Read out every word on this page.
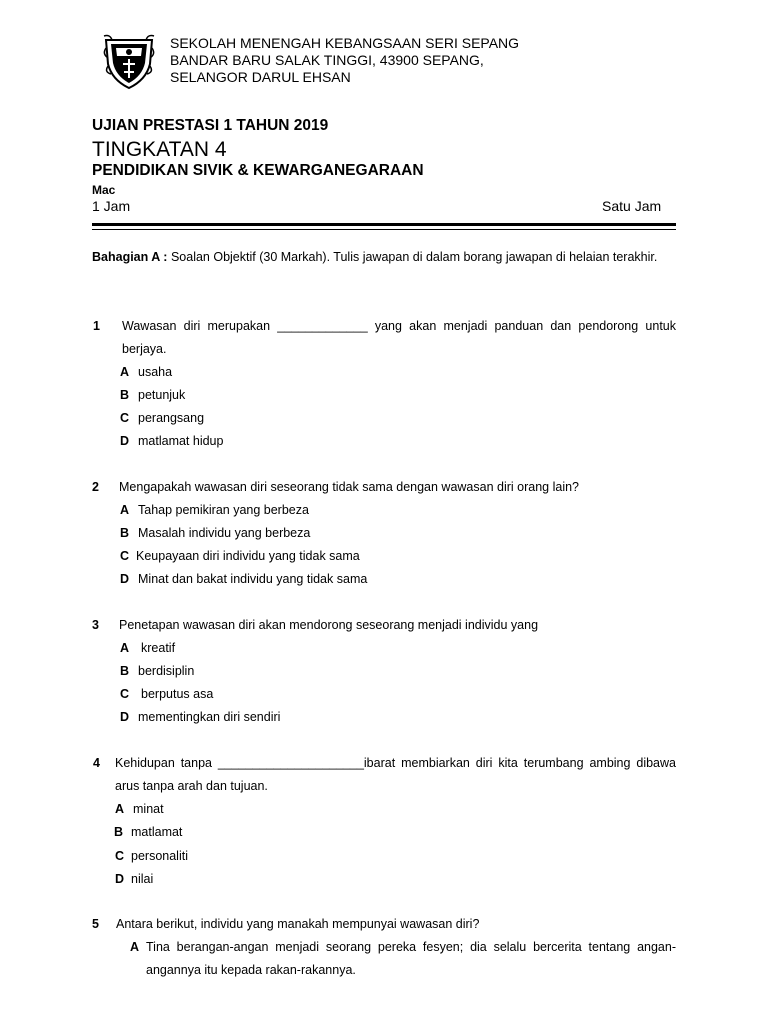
SEKOLAH MENENGAH KEBANGSAAN SERI SEPANG
BANDAR BARU SALAK TINGGI, 43900 SEPANG,
SELANGOR DARUL EHSAN
UJIAN PRESTASI 1 TAHUN 2019
TINGKATAN 4
PENDIDIKAN SIVIK & KEWARGANEGARAAN
Mac
1 Jam	Satu Jam
Bahagian A : Soalan Objektif (30 Markah). Tulis jawapan di dalam borang jawapan di helaian terakhir.
1 Wawasan diri merupakan _____________ yang akan menjadi panduan dan pendorong untuk berjaya.
A usaha
B petunjuk
C perangsang
D matlamat hidup
2 Mengapakah wawasan diri seseorang tidak sama dengan wawasan diri orang lain?
A Tahap pemikiran yang berbeza
B Masalah individu yang berbeza
C Keupayaan diri individu yang tidak sama
D Minat dan bakat individu yang tidak sama
3 Penetapan wawasan diri akan mendorong seseorang menjadi individu yang
A kreatif
B berdisiplin
C berputus asa
D mementingkan diri sendiri
4 Kehidupan tanpa _____________________ibarat membiarkan diri kita terumbang ambing dibawa arus tanpa arah dan tujuan.
A minat
B matlamat
C personaliti
D nilai
5 Antara berikut, individu yang manakah mempunyai wawasan diri?
A Tina berangan-angan menjadi seorang pereka fesyen; dia selalu bercerita tentang angan-angannya itu kepada rakan-rakannya.
